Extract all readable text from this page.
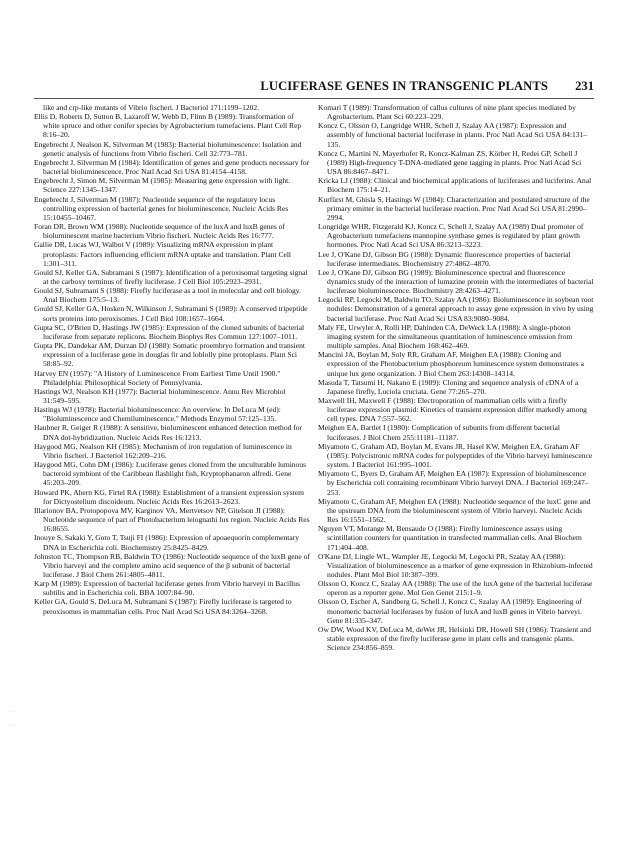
LUCIFERASE GENES IN TRANSGENIC PLANTS 231
· ·
· ·

like and crp-like mutants of Vibrio fischeri. J Bacteriol 171:1199–1202.

Ellis D, Roberts D, Sutton B, Lazaroff W, Webb D, Flinn B (1989): Transformation of white spruce and other conifer species by Agrobacterium tumefaciens. Plant Cell Rep 8:16–20.

Engebrecht J, Nealson K, Silverman M (1983): Bacterial bioluminescence: Isolation and genetic analysis of functions from Vibrio fischeri. Cell 32:773–781.

Engebrecht J, Silverman M (1984): Identification of genes and gene products necessary for bacterial bioluminescence. Proc Natl Acad Sci USA 81:4154–4158.

Engebrecht J, Simon M, Silverman M (1985): Measuring gene expression with light. Science 227:1345–1347.

Engebrecht J, Silverman M (1987): Nucleotide sequence of the regulatory locus controlling expression of bacterial genes for bioluminescence. Nucleic Acids Res 15:10455–10467.

Foran DR, Brown WM (1988): Nucleotide sequence of the luxA and luxB genes of bioluminescent marine bacterium Vibrio fischeri. Nucleic Acids Res 16:777.

Gallie DR, Lucas WJ, Walbot V (1989): Visualizing mRNA expression in plant protoplasts: Factors influencing efficient mRNA uptake and translation. Plant Cell 1:301–311.

Gould SJ, Keller GA, Subramani S (1987): Identification of a peroxisomal targeting signal at the carboxy terminus of firefly luciferase. J Cell Biol 105:2923–2931.

Gould SJ, Subramani S (1988): Firefly luciferase as a tool in molecular and cell biology. Anal Biochem 175:5–13.

Gould SJ, Keller GA, Hosken N, Wilkinson J, Subramani S (1989): A conserved tripeptide sorts proteins into peroxisomes. J Cell Biol 108:1657–1664.

Gupta SC, O'Brien D, Hastings JW (1985): Expression of the cloned subunits of bacterial luciferase from separate replicons. Biochem Biophys Res Commun 127:1007–1011.

Gupta PK, Dandekar AM, Durzan DJ (1988): Somatic proembryo formation and transient expression of a luciferase gene in douglas fir and loblolly pine protoplasts. Plant Sci 58:85–92.

Harvey EN (1957): "A History of Luminescence From Earliest Time Until 1900." Philadelphia: Philosophical Society of Pennsylvania.

Hastings WJ, Nealson KH (1977): Bacterial bioluminescence. Annu Rev Microbiol 31:549–595.

Hastings WJ (1978): Bacterial bioluminescence: An overview. In DeLuca M (ed): "Bioluminescence and Chemiluminescence." Methods Enzymol 57:125–135.

Haubner R, Geiger R (1988): A sensitive, bioluminescent enhanced detection method for DNA dot-hybridization. Nucleic Acids Res 16:1213.

Haygood MG, Nealson KH (1985): Mechanism of iron regulation of luminescence in Vibrio fischeri. J Bacteriol 162:209–216.

Haygood MG, Cohn DM (1986): Luciferase genes cloned from the unculturable luminous bacteroid symbiont of the Caribbean flashlight fish, Kryptophanaron alfredi. Gene 45:203–209.

Howard PK, Ahern KG, Firtel RA (1988): Establishment of a transient expression system for Dictyostelium discoideum. Nucleic Acids Res 16:2613–2623.

Illarionov BA, Protopopova MV, Karginov VA, Mertvetsov NP, Gitelson JI (1988): Nucleotide sequence of part of Photobacterium leiognathi lux region. Nucleic Acids Res 16:8655.

Inouye S, Sakaki Y, Goto T, Tsuji FI (1986): Expression of apoaequorin complementary DNA in Escherichia coli. Biochemistry 25:8425–8429.

Johnston TC, Thompson RB, Baldwin TO (1986): Nucleotide sequence of the luxB gene of Vibrio harveyi and the complete amino acid sequence of the β subunit of bacterial luciferase. J Biol Chem 261:4805–4811.

Karp M (1989): Expression of bacterial luciferase genes from Vibrio harveyi in Bacillus subtilis and in Escherichia coli. BBA 1007:84–90.

Keller GA, Gould S, DeLuca M, Subramani S (1987): Firefly luciferase is targeted to peroxisomes in mammalian cells. Proc Natl Acad Sci USA 84:3264–3268.

Komari T (1989): Transformation of callus cultures of nine plant species mediated by Agrobacterium. Plant Sci 60:223–229.

Koncz C, Olsson O, Langridge WHR, Schell J, Szalay AA (1987): Expression and assembly of functional bacterial luciferase in plants. Proc Natl Acad Sci USA 84:131–135.

Koncz C, Martini N, Mayerhofer R, Koncz-Kalman ZS, Körber H, Redei GP, Schell J (1989) High-frequency T-DNA-mediated gene tagging in plants. Proc Natl Acad Sci USA 86:8467–8471.

Kricka LJ (1988): Clinical and biochemical applications of luciferases and luciferins. Anal Biochem 175:14–21.

Kurfürst M, Ghisla S, Hastings W (1984): Characterization and postulated structure of the primary emitter in the bacterial luciferase reaction. Proc Natl Acad Sci USA 81:2990–2994.

Longridge WHR, Fitzgerald KJ, Koncz C, Schell J, Szalay AA (1989) Dual promoter of Agrobacterium tumefaciens mannopine synthase genes is regulated by plant growth hormones. Proc Natl Acad Sci USA 86:3213–3223.

Lee J, O'Kane DJ, Gibson BG (1988): Dynamic fluorescence properties of bacterial luciferase intermediates. Biochemistry 27:4862–4870.

Lee J, O'Kane DJ, Gibson BG (1989): Bioluminescence spectral and fluorescence dynamics study of the interaction of lumazine protein with the intermediates of bacterial luciferase bioluminescence. Biochemistry 28:4263–4271.

Legocki RP, Legocki M, Baldwin TO, Szalay AA (1986): Bioluminescence in soybean root nodules: Demonstration of a general approach to assay gene expression in vivo by using bacterial luciferase. Proc Natl Acad Sci USA 83:9080–9084.

Maly FE, Urwyler A, Rolli HP, Dahinden CA, DeWeck LA (1988): A single-photon imaging system for the simultaneous quantitation of luminescence emission from multiple samples. Anal Biochem 168:462–469.

Mancini JA, Boylan M, Soly RR, Graham AF, Meighen EA (1988): Cloning and expression of the Photobacterium phosphoreum luminescence system demonstrates a unique lux gene organization. J Biol Chem 263:14308–14314.

Masuda T, Tatsumi H, Nakano E (1989): Cloning and sequence analysis of cDNA of a Japanese firefly, Luciola cruciata. Gene 77:265–270.

Maxwell IH, Maxwell F (1988): Electroporation of mammalian cells with a firefly luciferase expression plasmid: Kinetics of transient expression differ markedly among cell types. DNA 7:557–562.

Meighen EA, Bartlet I (1980): Complication of subunits from different bacterial luciferases. J Biol Chem 255:11181–11187.

Miyamoto C, Graham AD, Boylan M, Evans JR, Hasel KW, Meighen EA, Graham AF (1985): Polycistronic mRNA codes for polypeptides of the Vibrio harveyi luminescence system. J Bacteriol 161:995–1001.

Miyamoto C, Byers D, Graham AF, Meighen EA (1987): Expression of bioluminescence by Escherichia coli containing recombinant Vibrio harveyi DNA. J Bacteriol 169:247–253.

Miyamoto C, Graham AF, Meighen EA (1988): Nucleotide sequence of the luxC gene and the upstream DNA from the bioluminescent system of Vibrio harveyi. Nucleic Acids Res 16:1551–1562.

Nguyen VT, Morange M, Bensaude O (1988): Firefly luminescence assays using scintillation counters for quantitation in transfected mammalian cells. Anal Biochem 171:404–408.

O'Kane DJ, Lingle WL, Wampler JE, Legocki M, Legocki PR, Szalay AA (1988): Visualization of bioluminescence as a marker of gene expression in Rhizobium-infected nodules. Plant Mol Biol 10:387–399.

Olsson O, Koncz C, Szalay AA (1988): The use of the luxA gene of the bacterial luciferase operon as a reporter gene. Mol Gen Genet 215:1–9.

Olsson O, Escher A, Sandberg G, Schell J, Koncz C, Szalay AA (1989): Engineering of monomeric bacterial luciferases by fusion of luxA and luxB genes in Vibrio harveyi. Gene 81:335–347.

Ow DW, Wood KV, DeLuca M, deWet JR, Helsinki DR, Howell SH (1986): Transient and stable expression of the firefly luciferase gene in plant cells and transgenic plants. Science 234:856–859.
